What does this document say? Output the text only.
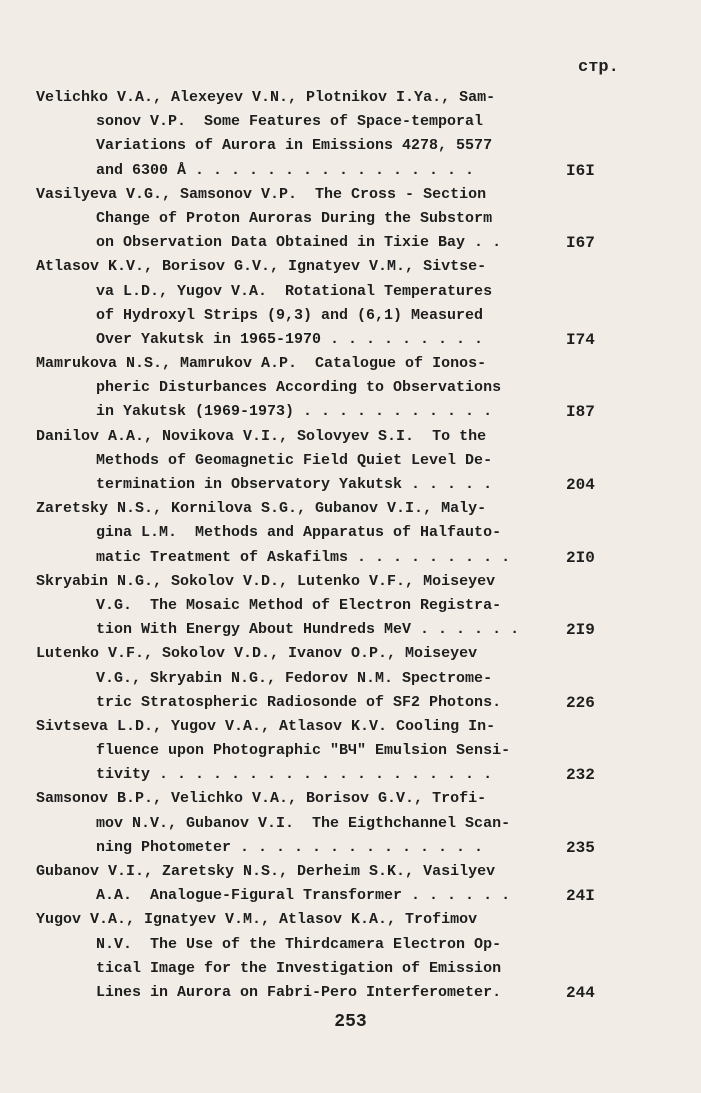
стр.
Velichko V.A., Alexeyev V.N., Plotnikov I.Ya., Sam-
sonov V.P.  Some Features of Space-temporal
Variations of Aurora in Emissions 4278, 5577
and 6300 Å . . . . . . . . . . . . . . . .	I6I
Vasilyeva V.G., Samsonov V.P.  The Cross - Section
Change of Proton Auroras During the Substorm
on Observation Data Obtained in Tixie Bay . .	I67
Atlasov K.V., Borisov G.V., Ignatyev V.M., Sivtse-
va L.D., Yugov V.A.  Rotational Temperatures
of Hydroxyl Strips (9,3) and (6,1) Measured
Over Yakutsk in 1965-1970 . . . . . . . . .	I74
Mamrukova N.S., Mamrukov A.P.  Catalogue of Ionos-
pheric Disturbances According to Observations
in Yakutsk (1969-1973) . . . . . . . . . . .	I87
Danilov A.A., Novikova V.I., Solovyev S.I.  To the
Methods of Geomagnetic Field Quiet Level De-
termination in Observatory Yakutsk . . . . .	204
Zaretsky N.S., Kornilova S.G., Gubanov V.I., Maly-
gina L.M.  Methods and Apparatus of Halfauto-
matic Treatment of Askafilms . . . . . . . . .	2I0
Skryabin N.G., Sokolov V.D., Lutenko V.F., Moiseyev
V.G.  The Mosaic Method of Electron Registra-
tion With Energy About Hundreds MeV . . . . . .	2I9
Lutenko V.F., Sokolov V.D., Ivanov O.P., Moiseyev
V.G., Skryabin N.G., Fedorov N.M. Spectrome-
tric Stratospheric Radiosonde of SF2 Photons.	226
Sivtseva L.D., Yugov V.A., Atlasov K.V. Cooling In-
fluence upon Photographic "BЧ" Emulsion Sensi-
tivity . . . . . . . . . . . . . . . . . . .	232
Samsonov B.P., Velichko V.A., Borisov G.V., Trofi-
mov N.V., Gubanov V.I.  The Eigthchannel Scan-
ning Photometer . . . . . . . . . . . . . .	235
Gubanov V.I., Zaretsky N.S., Derheim S.K., Vasilyev
A.A.  Analogue-Figural Transformer . . . . . .	24I
Yugov V.A., Ignatyev V.M., Atlasov K.A., Trofimov
N.V.  The Use of the Thirdcamera Electron Op-
tical Image for the Investigation of Emission
Lines in Aurora on Fabri-Pero Interferometer.	244
253
